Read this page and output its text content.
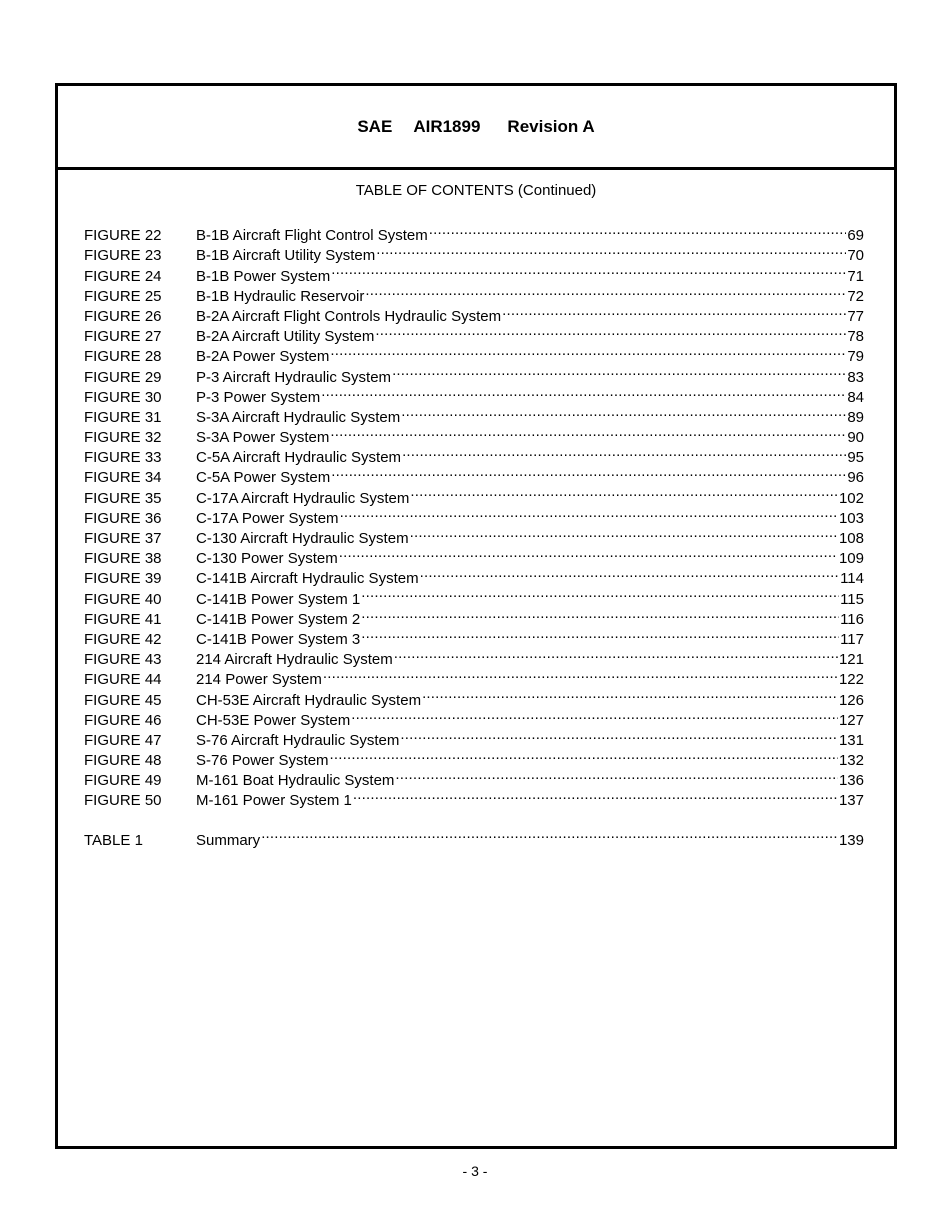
SAE AIR1899 Revision A
TABLE OF CONTENTS (Continued)
FIGURE 22	B-1B Aircraft Flight Control System .....	69
FIGURE 23	B-1B Aircraft Utility System .....	70
FIGURE 24	B-1B Power System .....	71
FIGURE 25	B-1B Hydraulic Reservoir .....	72
FIGURE 26	B-2A Aircraft Flight Controls Hydraulic System .....	77
FIGURE 27	B-2A Aircraft Utility System .....	78
FIGURE 28	B-2A Power System .....	79
FIGURE 29	P-3 Aircraft Hydraulic System .....	83
FIGURE 30	P-3 Power System .....	84
FIGURE 31	S-3A Aircraft Hydraulic System .....	89
FIGURE 32	S-3A Power System .....	90
FIGURE 33	C-5A Aircraft Hydraulic System .....	95
FIGURE 34	C-5A Power System .....	96
FIGURE 35	C-17A Aircraft Hydraulic System .....	102
FIGURE 36	C-17A Power System .....	103
FIGURE 37	C-130 Aircraft Hydraulic System .....	108
FIGURE 38	C-130 Power System .....	109
FIGURE 39	C-141B Aircraft Hydraulic System .....	114
FIGURE 40	C-141B Power System 1 .....	115
FIGURE 41	C-141B Power System 2 .....	116
FIGURE 42	C-141B Power System 3 .....	117
FIGURE 43	214 Aircraft Hydraulic System .....	121
FIGURE 44	214 Power System .....	122
FIGURE 45	CH-53E Aircraft Hydraulic System .....	126
FIGURE 46	CH-53E Power System .....	127
FIGURE 47	S-76 Aircraft Hydraulic System .....	131
FIGURE 48	S-76 Power System .....	132
FIGURE 49	M-161 Boat Hydraulic System .....	136
FIGURE 50	M-161 Power System 1 .....	137
TABLE 1	Summary .....	139
- 3 -
